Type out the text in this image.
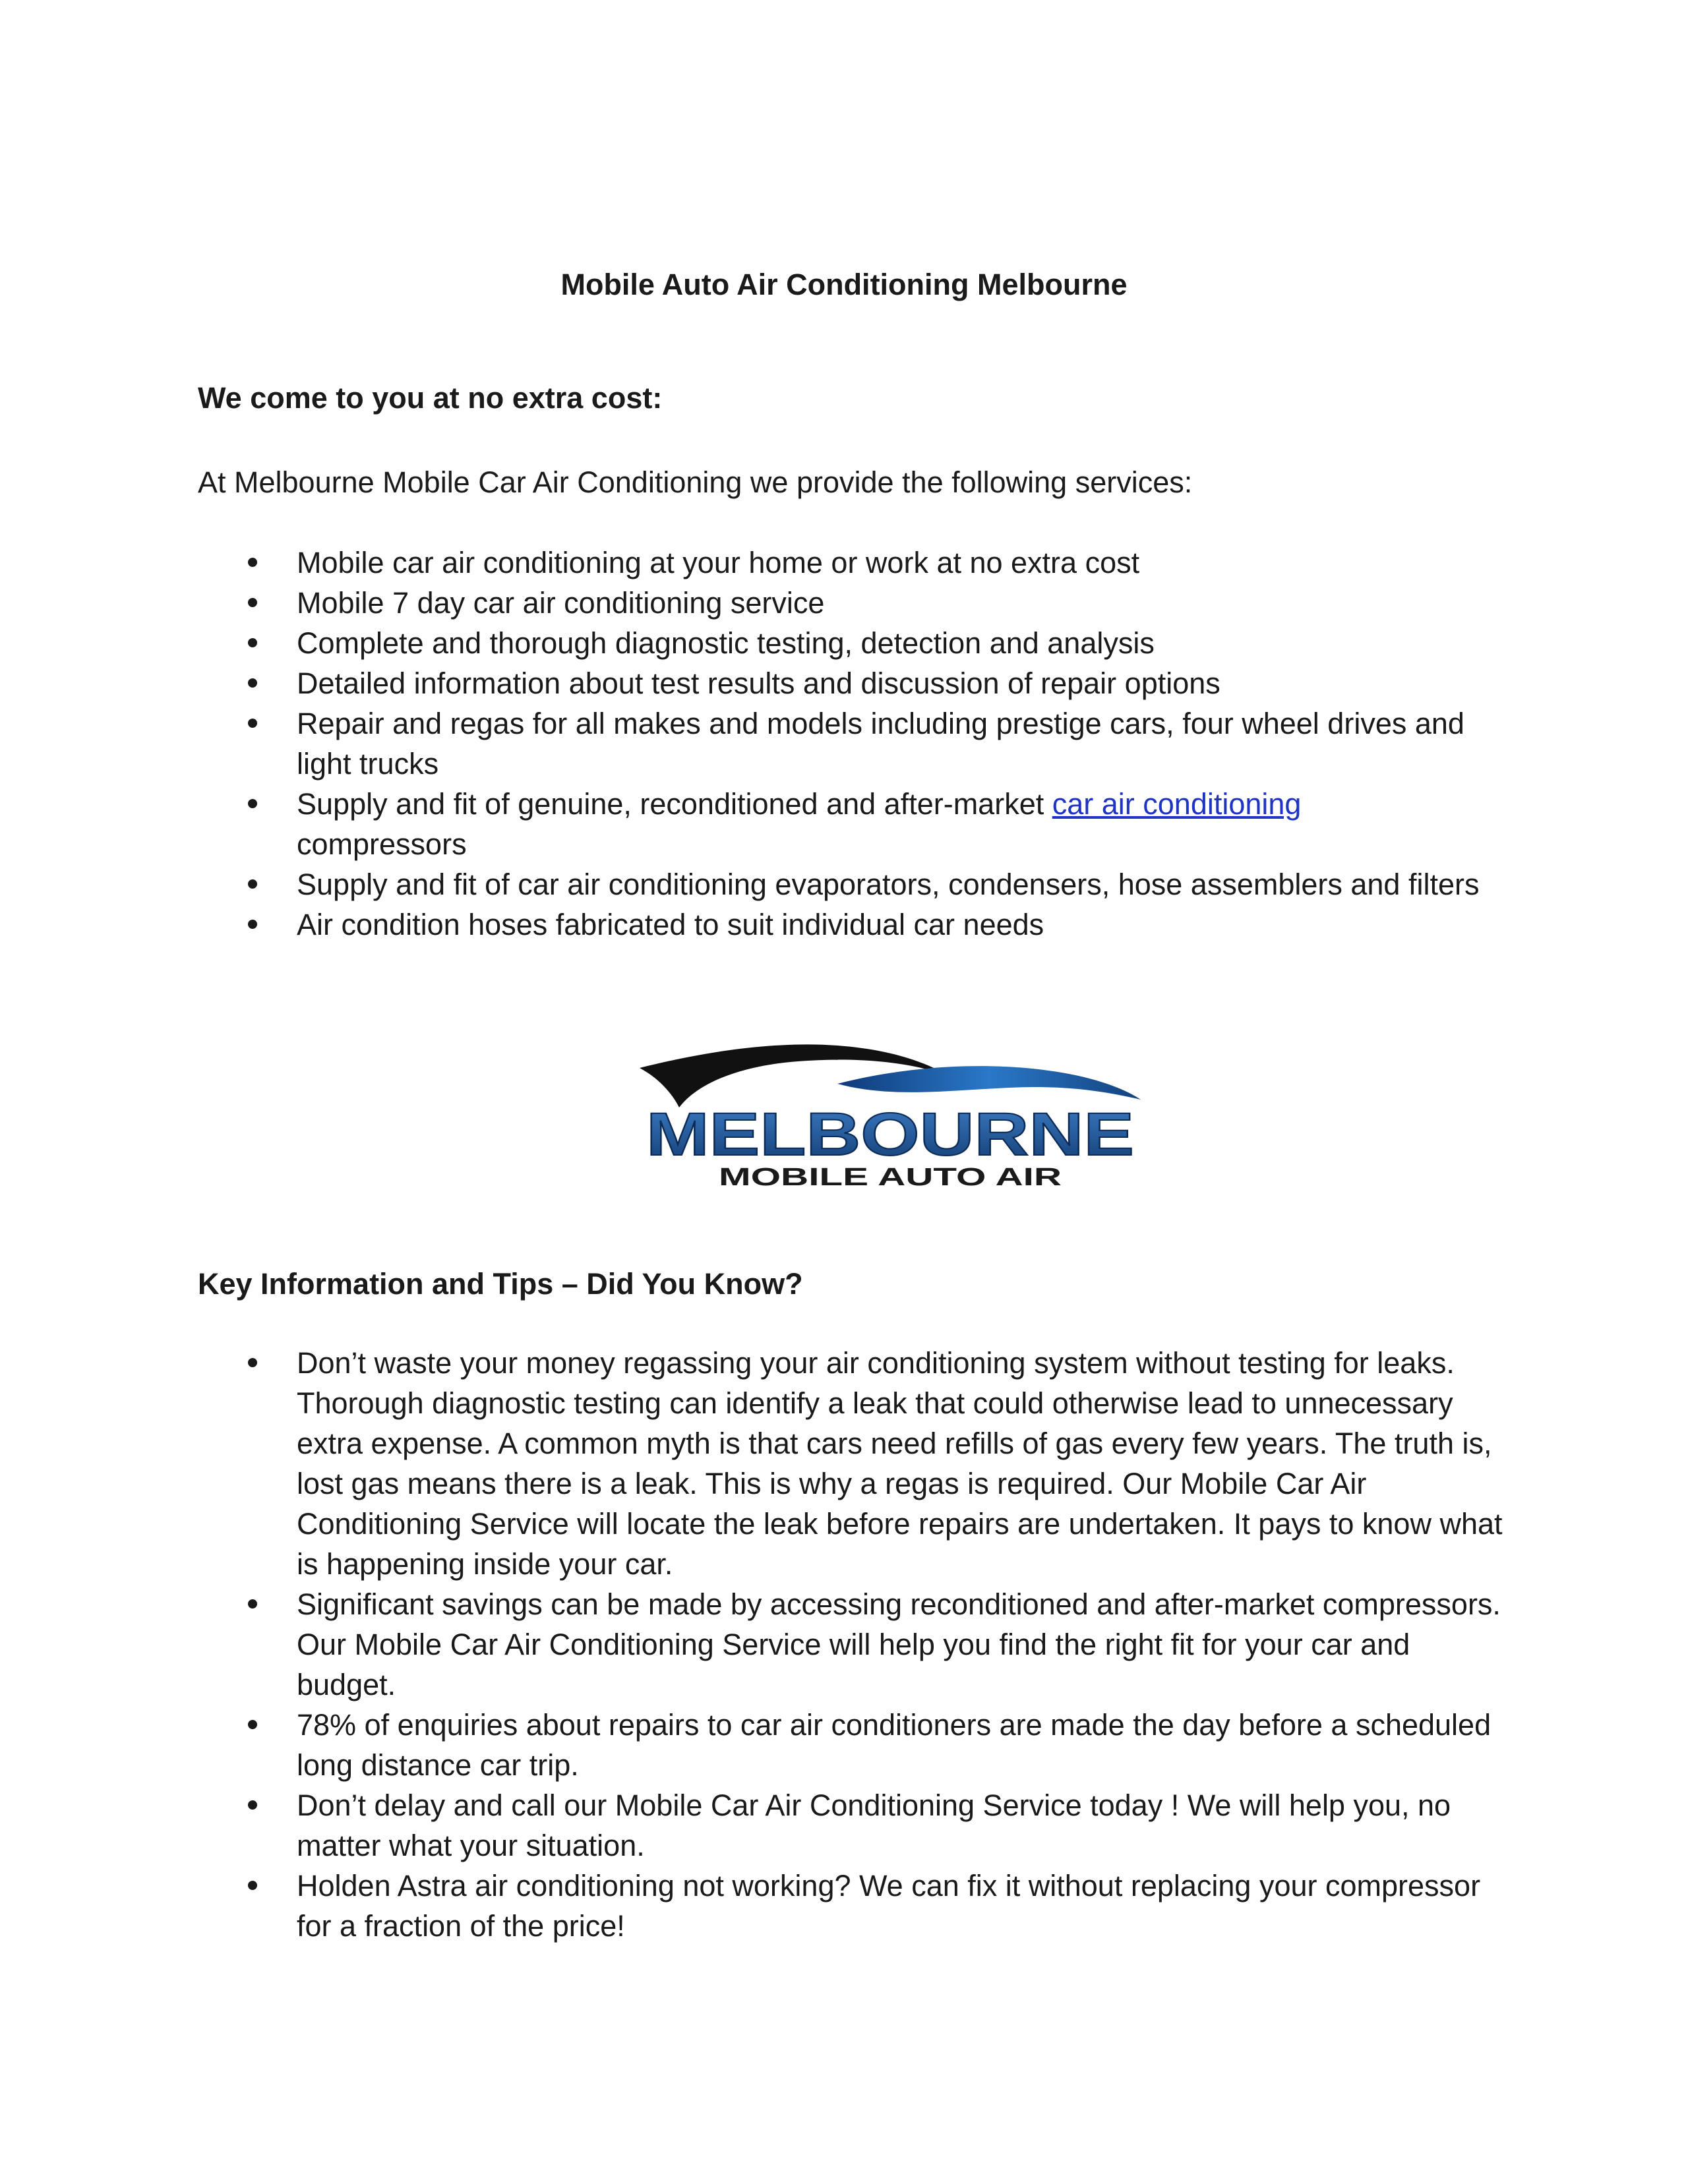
Mobile Auto Air Conditioning Melbourne
We come to you at no extra cost:
At Melbourne Mobile Car Air Conditioning we provide the following services:
Mobile car air conditioning at your home or work at no extra cost
Mobile 7 day car air conditioning service
Complete and thorough diagnostic testing, detection and analysis
Detailed information about test results and discussion of repair options
Repair and regas for all makes and models including prestige cars, four wheel drives and light trucks
Supply and fit of genuine, reconditioned and after-market car air conditioning
compressors
Supply and fit of car air conditioning evaporators, condensers, hose assemblers and filters
Air condition hoses fabricated to suit individual car needs
MELBOURNE
MOBILE AUTO AIR
Key Information and Tips – Did You Know?
Don’t waste your money regassing your air conditioning system without testing for leaks. Thorough diagnostic testing can identify a leak that could otherwise lead to unnecessary extra expense. A common myth is that cars need refills of gas every few years. The truth is, lost gas means there is a leak. This is why a regas is required. Our Mobile Car Air Conditioning Service will locate the leak before repairs are undertaken. It pays to know what is happening inside your car.
Significant savings can be made by accessing reconditioned and after-market compressors. Our Mobile Car Air Conditioning Service will help you find the right fit for your car and budget.
78% of enquiries about repairs to car air conditioners are made the day before a scheduled long distance car trip.
Don’t delay and call our Mobile Car Air Conditioning Service today ! We will help you, no matter what your situation.
Holden Astra air conditioning not working? We can fix it without replacing your compressor for a fraction of the price!
